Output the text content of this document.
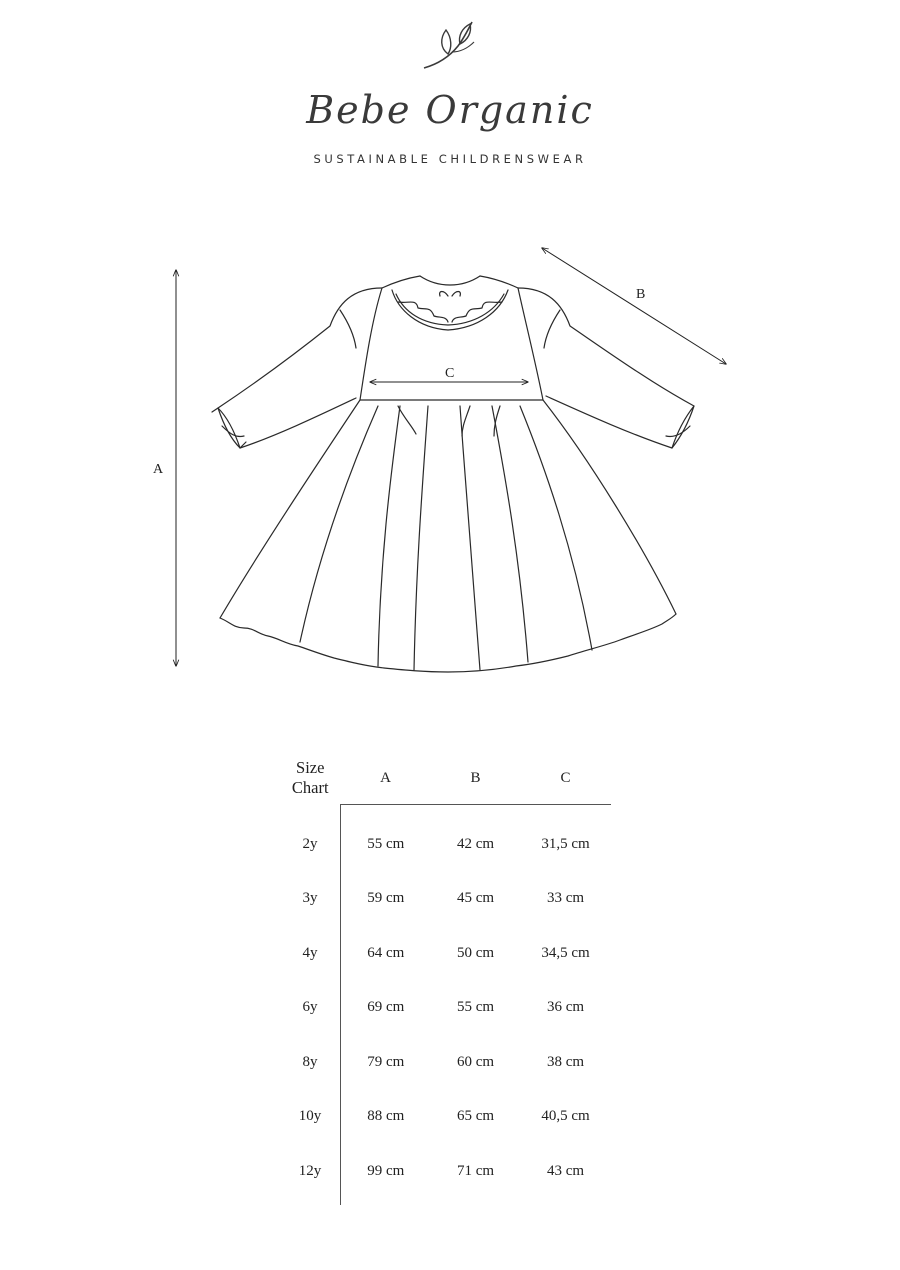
Bebe Organic
SUSTAINABLE CHILDRENSWEAR
A
B
C
Size
Chart	A	B	C
2y	55 cm	42 cm	31,5 cm
3y	59 cm	45 cm	33 cm
4y	64 cm	50 cm	34,5 cm
6y	69 cm	55 cm	36 cm
8y	79 cm	60 cm	38 cm
10y	88 cm	65 cm	40,5 cm
12y	99 cm	71 cm	43 cm
